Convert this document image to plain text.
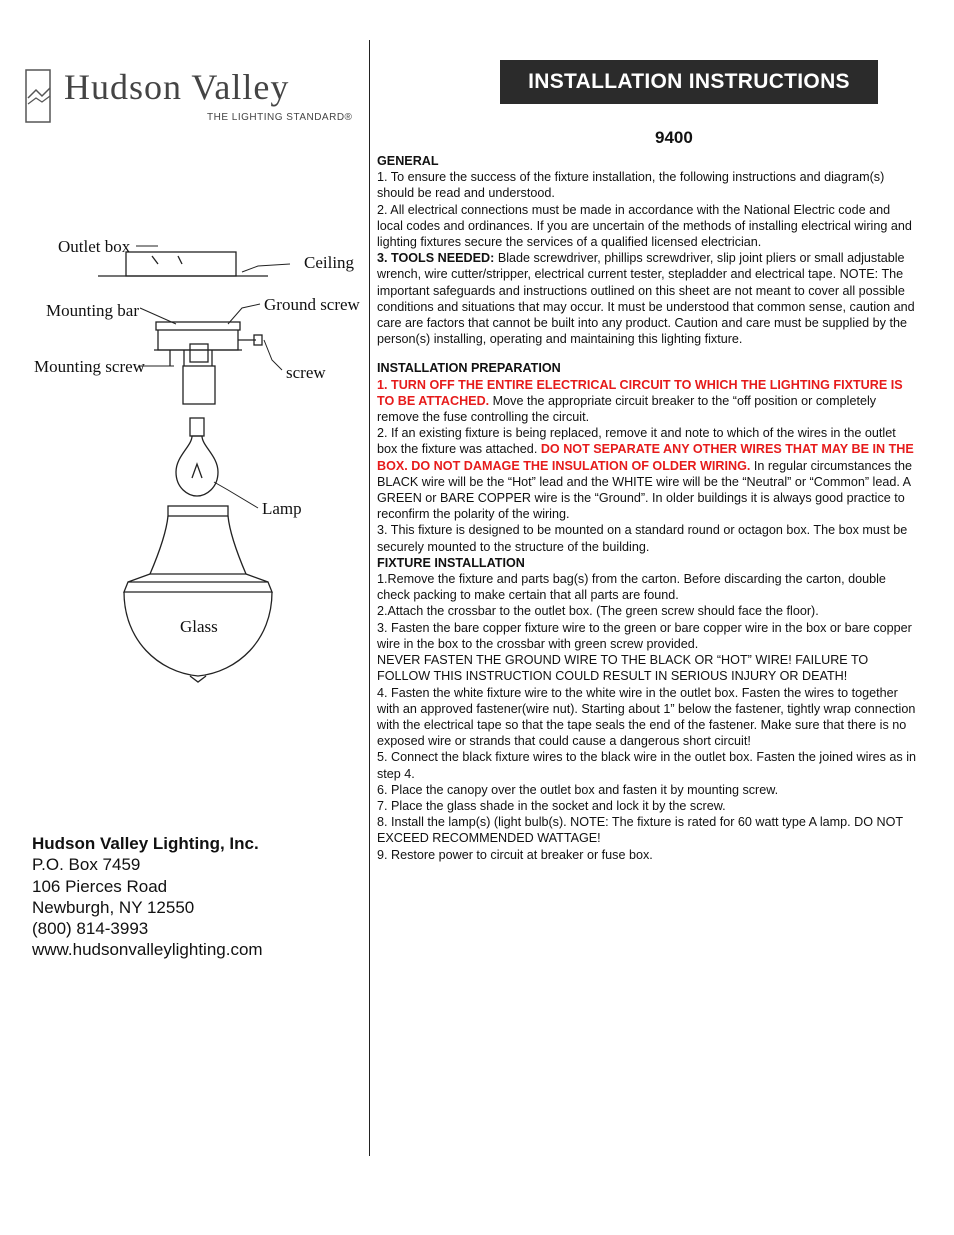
Hudson Valley
THE LIGHTING STANDARD®
INSTALLATION INSTRUCTIONS
9400
Outlet box
Ceiling
Mounting bar	Ground screw
Mounting screw	screw
Lamp
Glass
Hudson Valley Lighting, Inc.
P.O. Box 7459
106 Pierces Road
Newburgh, NY 12550
(800) 814-3993
www.hudsonvalleylighting.com

GENERAL

1. To ensure the success of the fixture installation, the following instructions and diagram(s) should be read and understood.

2. All electrical connections must be made in accordance with the National Electric code and local codes and ordinances. If you are uncertain of the methods of installing electrical wiring and lighting fixtures secure the services of a qualified licensed electrician.

3. TOOLS NEEDED: Blade screwdriver, phillips screwdriver, slip joint pliers or small adjustable wrench, wire cutter/stripper, electrical current tester, stepladder and electrical tape. NOTE: The important safeguards and instructions outlined on this sheet are not meant to cover all possible conditions and situations that may occur. It must be understood that common sense, caution and care are factors that cannot be built into any product. Caution and care must be supplied by the person(s) installing, operating and maintaining this lighting fixture.

INSTALLATION PREPARATION

1. TURN OFF THE ENTIRE ELECTRICAL CIRCUIT TO WHICH THE LIGHTING FIXTURE IS TO BE ATTACHED. Move the appropriate circuit breaker to the “off position or completely remove the fuse controlling the circuit.

2. If an existing fixture is being replaced, remove it and note to which of the wires in the outlet box the fixture was attached. DO NOT SEPARATE ANY OTHER WIRES THAT MAY BE IN THE BOX. DO NOT DAMAGE THE INSULATION OF OLDER WIRING. In regular circumstances the BLACK wire will be the “Hot” lead and the WHITE wire will be the “Neutral” or “Common” lead. A GREEN or BARE COPPER wire is the “Ground”. In older buildings it is always good practice to reconfirm the polarity of the wiring.

3. This fixture is designed to be mounted on a standard round or octagon box. The box must be securely mounted to the structure of the building.

FIXTURE INSTALLATION

1.Remove the fixture and parts bag(s) from the carton. Before discarding the carton, double check packing to make certain that all parts are found.

2.Attach the crossbar to the outlet box. (The green screw should face the floor).

3. Fasten the bare copper fixture wire to the green or bare copper wire in the box or bare copper wire in the box to the crossbar with green screw provided.

NEVER FASTEN THE GROUND WIRE TO THE BLACK OR “HOT” WIRE! FAILURE TO FOLLOW THIS INSTRUCTION COULD RESULT IN SERIOUS INJURY OR DEATH!

4. Fasten the white fixture wire to the white wire in the outlet box. Fasten the wires to together with an approved fastener(wire nut). Starting about 1” below the fastener, tightly wrap connection with the electrical tape so that the tape seals the end of the fastener. Make sure that there is no exposed wire or strands that could cause a dangerous short circuit!

5. Connect the black fixture wires to the black wire in the outlet box. Fasten the joined wires as in step 4.

6. Place the canopy over the outlet box and fasten it by mounting screw.

7. Place the glass shade in the socket and lock it by the screw.

8. Install the lamp(s) (light bulb(s). NOTE: The fixture is rated for 60 watt type A lamp. DO NOT EXCEED RECOMMENDED WATTAGE!

9. Restore power to circuit at breaker or fuse box.
